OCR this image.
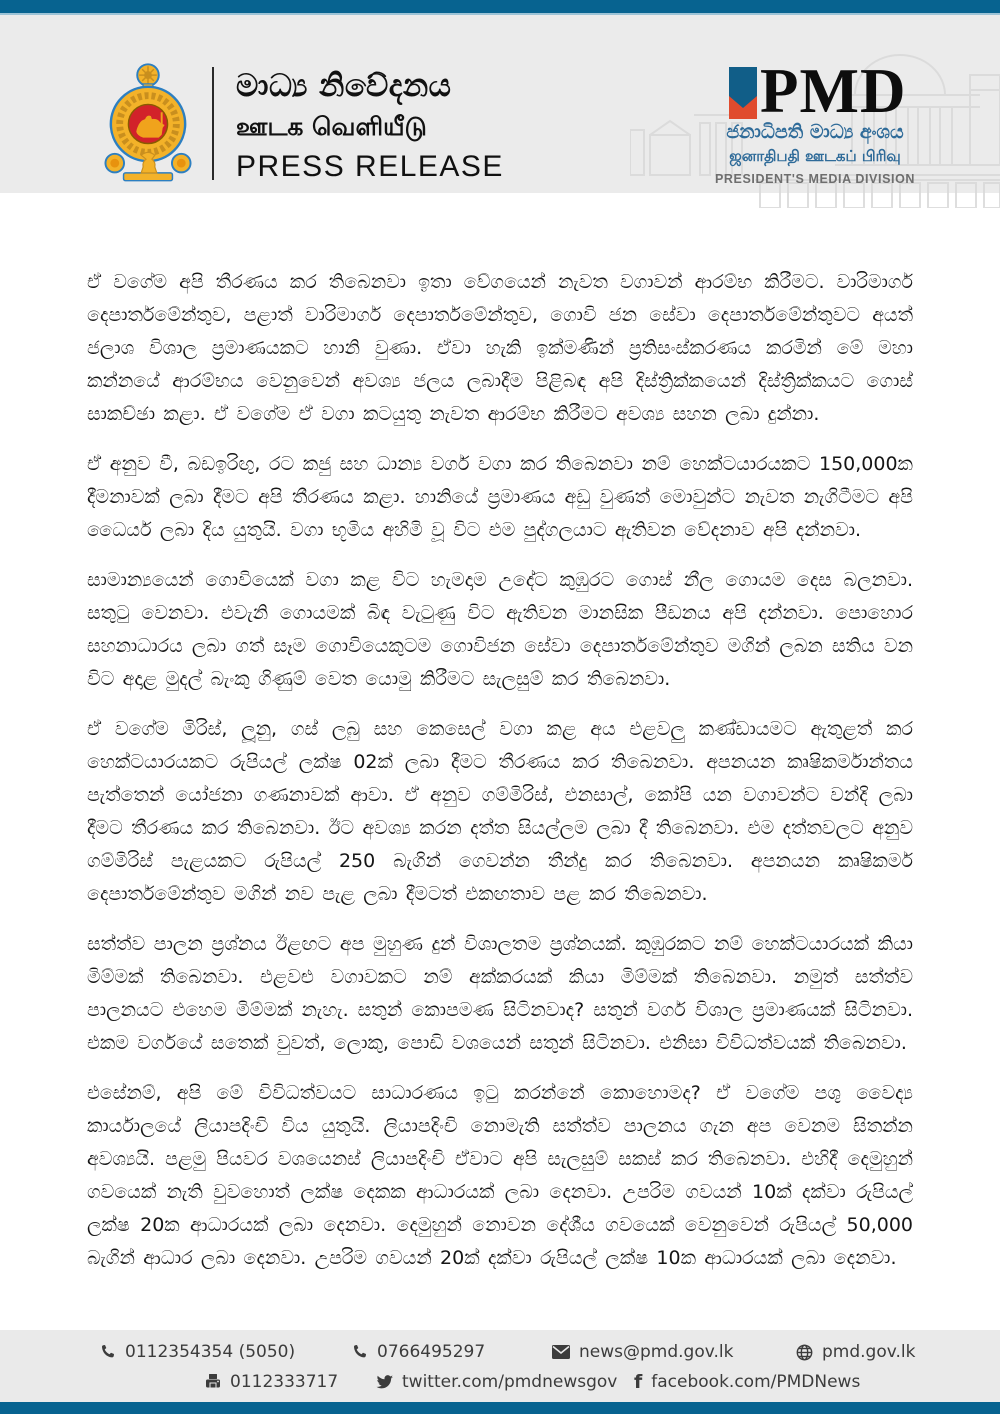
මාධ්‍ය නිවේදනය

ஊடக வெளியீடு

PRESS RELEASE

PMD

ජනාධිපති මාධ්‍ය අංශය

ஜனாதிபதி ஊடகப் பிரிவு

PRESIDENT'S MEDIA DIVISION

ඒ වගේම අපි තීරණය කර තිබෙනවා ඉතා වේගයෙන් නැවත වගාවන් ආරම්භ කිරීමට. වාරිමාර්ග දෙපාර්තමේන්තුව, පළාත් වාරිමාර්ග දෙපාර්තමේන්තුව, ගොවි ජන සේවා දෙපාර්තමේන්තුවට අයත් ජලාශ විශාල ප්‍රමාණයකට හානි වුණා. ඒවා හැකි ඉක්මණින් ප්‍රතිසංස්කරණය කරමින් මේ මහා කන්නයේ ආරම්භය වෙනුවෙන් අවශ්‍ය ජලය ලබාදීම පිළිබඳ අපි දිස්ත්‍රික්කයෙන් දිස්ත්‍රික්කයට ගොස් සාකච්ඡා කළා. ඒ වගේම ඒ වගා කටයුතු නැවත ආරම්භ කිරීමට අවශ්‍ය සහන ලබා දුන්නා.

ඒ අනුව වී, බඩඉරිඟු, රට කජු සහ ධාන්‍ය වර්ග වගා කර තිබෙනවා නම් හෙක්ටයාරයකට 150,000ක දීමනාවක් ලබා දීමට අපි තීරණය කළා. හානියේ ප්‍රමාණය අඩු වුණත් මොවුන්ට නැවත නැගිටීමට අපි ධෛර්ය ලබා දිය යුතුයි. වගා භූමිය අහිමි වූ විට එම පුද්ගලයාට ඇතිවන වේදනාව අපි දන්නවා.

සාමාන්‍යයෙන් ගොවියෙක් වගා කළ විට හැමදාම උදේට කුඹුරට ගොස් නීල ගොයම දෙස බලනවා. සතුටු වෙනවා. එවැනි ගොයමක් බිඳ වැටුණු විට ඇතිවන මානසික පීඩනය අපි දන්නවා. පොහොර සහනාධාරය ලබා ගත් සෑම ගොවියෙකුටම ගොවිජන සේවා දෙපාර්තමේන්තුව මගින් ලබන සතිය වන විට අදාළ මුදල් බැංකු ගිණුම් වෙත යොමු කිරීමට සැලසුම් කර තිබෙනවා.

ඒ වගේම මිරිස්, ලූනු, ගස් ලබු සහ කෙසෙල් වගා කළ අය එළවලු කණ්ඩායමට ඇතුළත් කර හෙක්ටයාරයකට රුපියල් ලක්ෂ 02ක් ලබා දීමට තීරණය කර තිබෙනවා. අපනයන කෘෂිකර්මාන්තය පැත්තෙන් යෝජනා ගණනාවක් ආවා. ඒ අනුව ගම්මිරිස්, එනසාල්, කෝපි යන වගාවන්ට වන්දි ලබා දීමට තීරණය කර තිබෙනවා. ඊට අවශ්‍ය කරන දත්ත සියල්ලම ලබා දී තිබෙනවා. එම දත්තවලට අනුව ගම්මිරිස් පැළයකට රුපියල් 250 බැගින් ගෙවන්න තීන්දු කර තිබෙනවා. අපනයන කෘෂිකර්ම දෙපාර්තමේන්තුව මගින් නව පැළ ලබා දීමටත් එකඟතාව පළ කර තිබෙනවා.

සත්ත්ව පාලන ප්‍රශ්නය ඊළඟට අප මුහුණ දුන් විශාලතම ප්‍රශ්නයක්. කුඹුරකට නම් හෙක්ටයාරයක් කියා මිම්මක් තිබෙනවා. එළවළු වගාවකට නම් අක්කරයක් කියා මිම්මක් තිබෙනවා. නමුත් සත්ත්ව පාලනයට එහෙම මිම්මක් නැහැ. සතුන් කොපමණ සිටිනවාද? සතුන් වර්ග විශාල ප්‍රමාණයක් සිටිනවා. එකම වර්ගයේ සතෙක් වුවත්, ලොකු, පොඩි වශයෙන් සතුන් සිටිනවා. එනිසා විවිධත්වයක් තිබෙනවා.

එසේනම්, අපි මේ විවිධත්වයට සාධාරණය ඉටු කරන්නේ කොහොමද? ඒ වගේම පශු වෛද්‍ය කාර්යාලයේ ලියාපදිංචි විය යුතුයි. ලියාපදිංචි නොමැති සත්ත්ව පාලනය ගැන අප වෙනම සිතන්න අවශ්‍යයි. පළමු පියවර වශයෙනස් ලියාපදිංචි ඒවාට අපි සැලසුම් සකස් කර තිබෙනවා. එහිදී දෙමුහුන් ගවයෙක් නැති වුවහොත් ලක්ෂ දෙකක ආධාරයක් ලබා දෙනවා. උපරිම ගවයන් 10ක් දක්වා රුපියල් ලක්ෂ 20ක ආධාරයක් ලබා දෙනවා. දෙමුහුන් නොවන දේශීය ගවයෙක් වෙනුවෙන් රුපියල් 50,000 බැගින් ආධාර ලබා දෙනවා. උපරිම ගවයන් 20ක් දක්වා රුපියල් ලක්ෂ 10ක ආධාරයක් ලබා දෙනවා.

0112354354 (5050)	0766495297	news@pmd.gov.lk	pmd.gov.lk
0112333717	twitter.com/pmdnewsgov f facebook.com/PMDNews
